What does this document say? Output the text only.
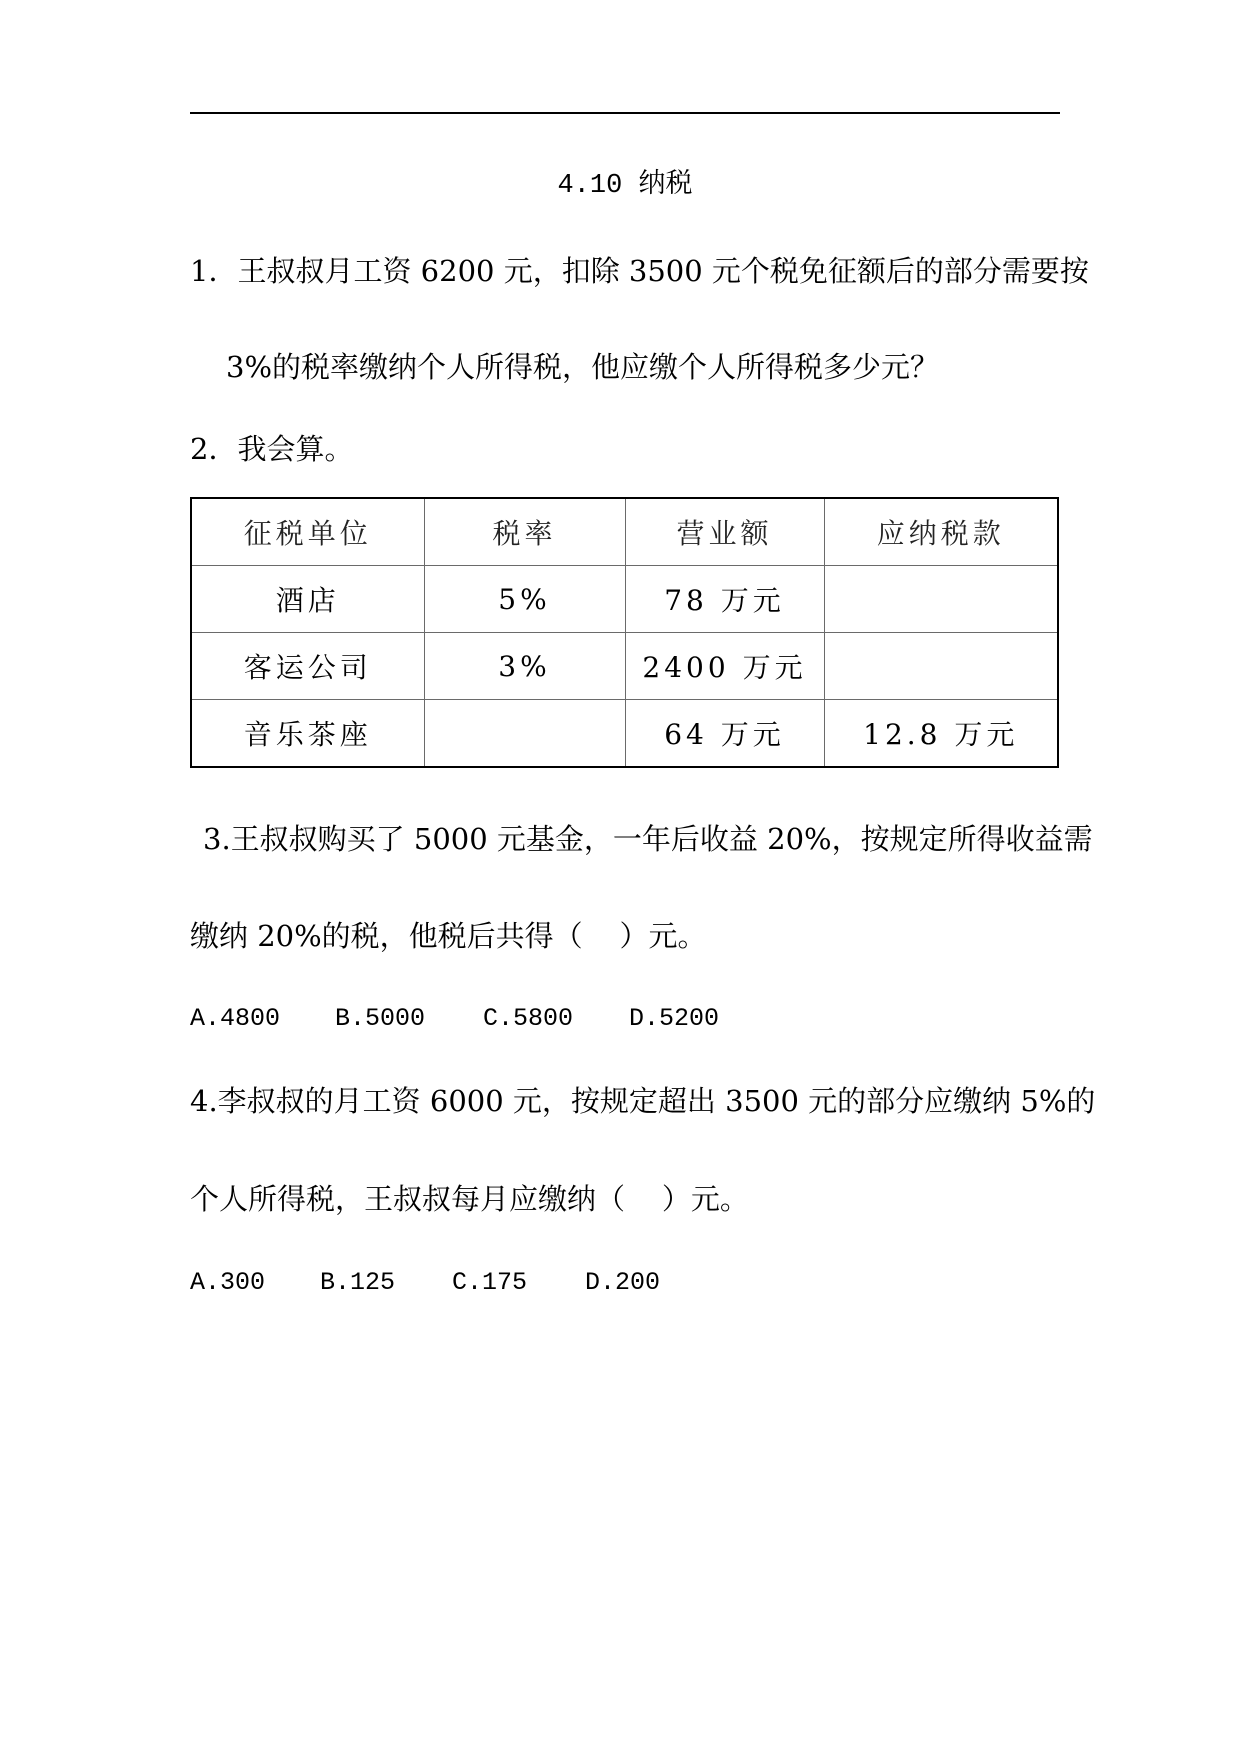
4.10 纳税
1．王叔叔月工资 6200 元，扣除 3500 元个税免征额后的部分需要按
3%的税率缴纳个人所得税，他应缴个人所得税多少元？
2．我会算。
征税单位	税率	营业额	应纳税款
酒店	5%	78 万元	
客运公司	3%	2400 万元	
音乐茶座		64 万元	12.8 万元
3.王叔叔购买了 5000 元基金，一年后收益 20%，按规定所得收益需
缴纳 20%的税，他税后共得（    ）元。
A.4800 B.5000 C.5800 D.5200
4.李叔叔的月工资 6000 元，按规定超出 3500 元的部分应缴纳 5%的
个人所得税，王叔叔每月应缴纳（    ）元。
A.300 B.125 C.175 D.200
